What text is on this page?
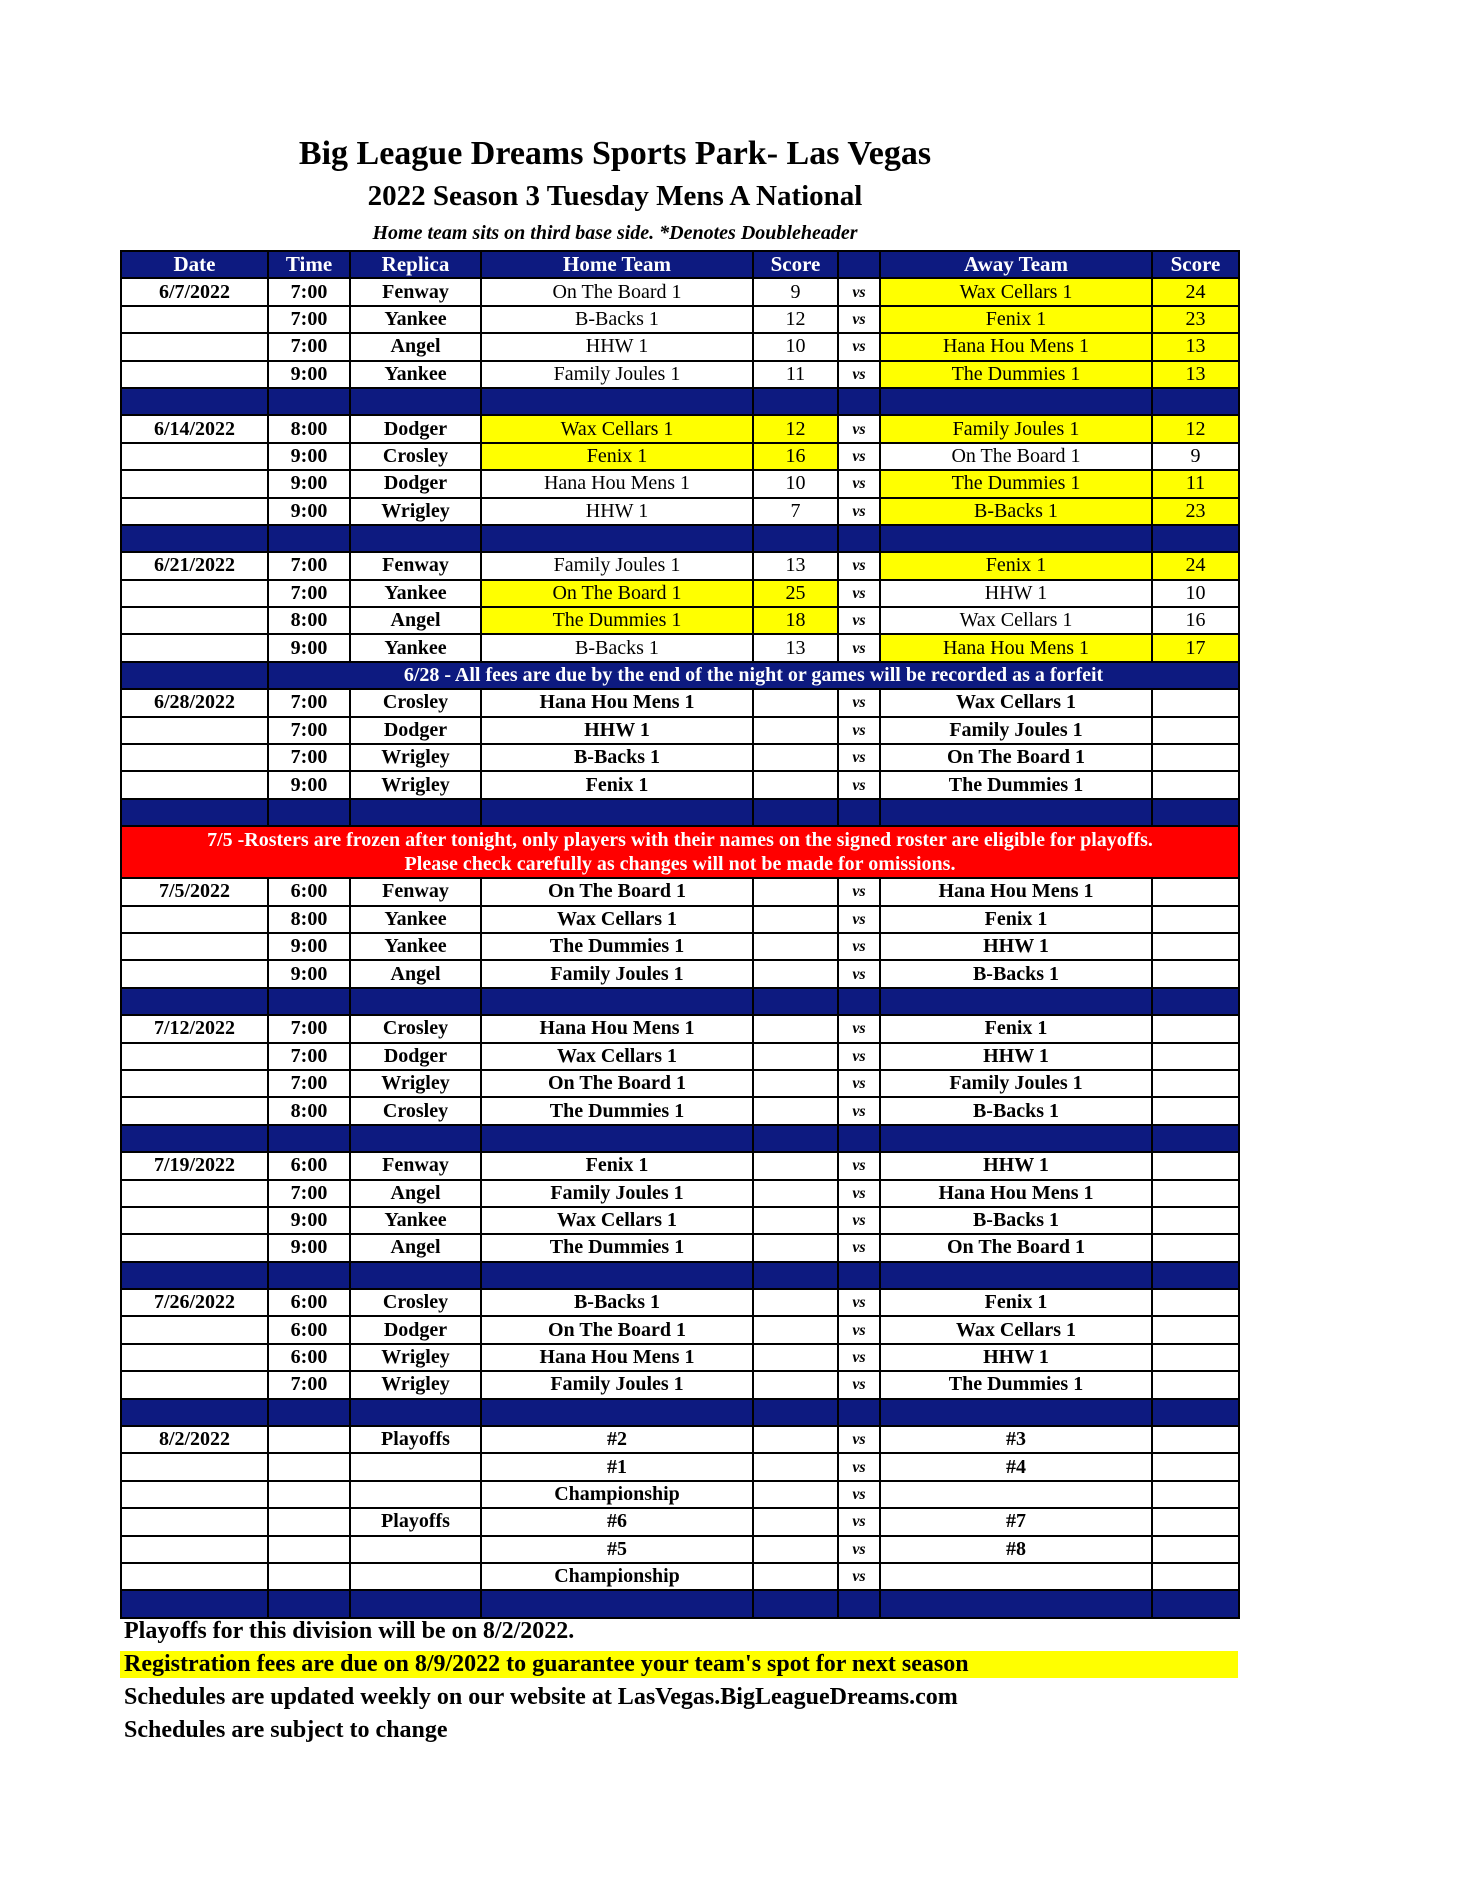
Big League Dreams Sports Park- Las Vegas
2022 Season 3 Tuesday Mens A National
Home team sits on third base side. *Denotes Doubleheader
Date	Time	Replica	Home Team	Score		Away Team	Score
6/7/2022	7:00	Fenway	On The Board 1	9	vs	Wax Cellars 1	24
	7:00	Yankee	B-Backs 1	12	vs	Fenix 1	23
	7:00	Angel	HHW 1	10	vs	Hana Hou Mens 1	13
	9:00	Yankee	Family Joules 1	11	vs	The Dummies 1	13

6/14/2022	8:00	Dodger	Wax Cellars 1	12	vs	Family Joules 1	12
	9:00	Crosley	Fenix 1	16	vs	On The Board 1	9
	9:00	Dodger	Hana Hou Mens 1	10	vs	The Dummies 1	11
	9:00	Wrigley	HHW 1	7	vs	B-Backs 1	23

6/21/2022	7:00	Fenway	Family Joules 1	13	vs	Fenix 1	24
	7:00	Yankee	On The Board 1	25	vs	HHW 1	10
	8:00	Angel	The Dummies 1	18	vs	Wax Cellars 1	16
	9:00	Yankee	B-Backs 1	13	vs	Hana Hou Mens 1	17
	6/28 - All fees are due by the end of the night or games will be recorded as a forfeit						
6/28/2022	7:00	Crosley	Hana Hou Mens 1		vs	Wax Cellars 1	
	7:00	Dodger	HHW 1		vs	Family Joules 1	
	7:00	Wrigley	B-Backs 1		vs	On The Board 1	
	9:00	Wrigley	Fenix 1		vs	The Dummies 1	

7/5 -Rosters are frozen after tonight, only players with their names on the signed roster are eligible for playoffs.
Please check carefully as changes will not be made for omissions.							

7/5/2022	6:00	Fenway	On The Board 1		vs	Hana Hou Mens 1	
	8:00	Yankee	Wax Cellars 1		vs	Fenix 1	
	9:00	Yankee	The Dummies 1		vs	HHW 1	
	9:00	Angel	Family Joules 1		vs	B-Backs 1	

7/12/2022	7:00	Crosley	Hana Hou Mens 1		vs	Fenix 1	
	7:00	Dodger	Wax Cellars 1		vs	HHW 1	
	7:00	Wrigley	On The Board 1		vs	Family Joules 1	
	8:00	Crosley	The Dummies 1		vs	B-Backs 1	

7/19/2022	6:00	Fenway	Fenix 1		vs	HHW 1	
	7:00	Angel	Family Joules 1		vs	Hana Hou Mens 1	
	9:00	Yankee	Wax Cellars 1		vs	B-Backs 1	
	9:00	Angel	The Dummies 1		vs	On The Board 1	

7/26/2022	6:00	Crosley	B-Backs 1		vs	Fenix 1	
	6:00	Dodger	On The Board 1		vs	Wax Cellars 1	
	6:00	Wrigley	Hana Hou Mens 1		vs	HHW 1	
	7:00	Wrigley	Family Joules 1		vs	The Dummies 1	

8/2/2022		Playoffs	#2		vs	#3	
			#1		vs	#4	
			Championship		vs		
		Playoffs	#6		vs	#7	
			#5		vs	#8	
			Championship		vs		

Playoffs for this division will be on 8/2/2022.
Registration fees are due on 8/9/2022 to guarantee your team's spot for next season
Schedules are updated weekly on our website at LasVegas.BigLeagueDreams.com
Schedules are subject to change
